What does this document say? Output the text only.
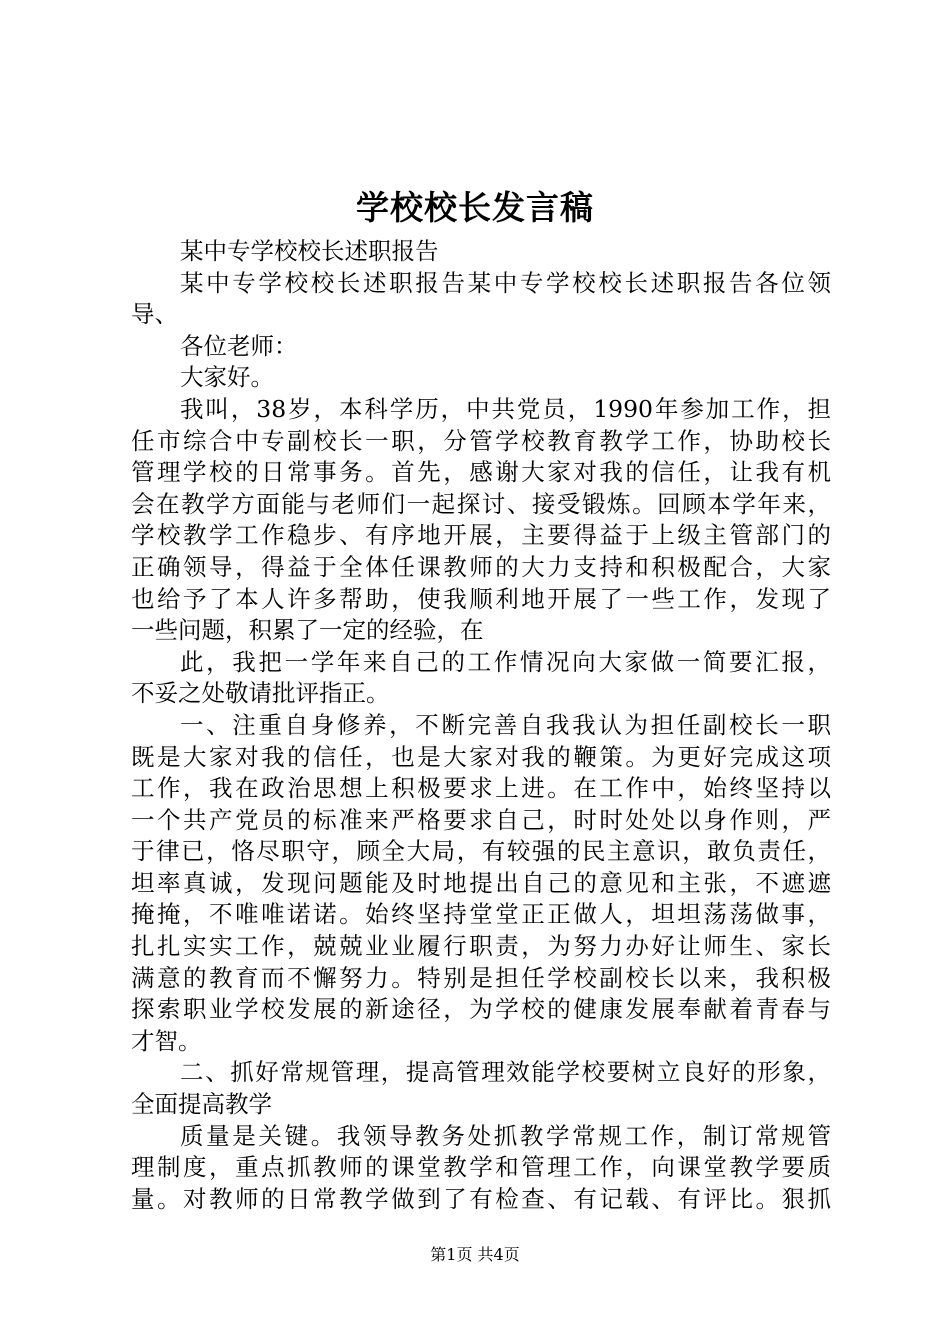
学校校长发言稿
某中专学校校长述职报告
某中专学校校长述职报告某中专学校校长述职报告各位领
导、
各位老师：
大家好。
我叫，38岁，本科学历，中共党员，1990年参加工作，担
任市综合中专副校长一职，分管学校教育教学工作，协助校长
管理学校的日常事务。首先，感谢大家对我的信任，让我有机
会在教学方面能与老师们一起探讨、接受锻炼。回顾本学年来，
学校教学工作稳步、有序地开展，主要得益于上级主管部门的
正确领导，得益于全体任课教师的大力支持和积极配合，大家
也给予了本人许多帮助，使我顺利地开展了一些工作，发现了
一些问题，积累了一定的经验，在
此，我把一学年来自己的工作情况向大家做一简要汇报，
不妥之处敬请批评指正。
一、注重自身修养，不断完善自我我认为担任副校长一职
既是大家对我的信任，也是大家对我的鞭策。为更好完成这项
工作，我在政治思想上积极要求上进。在工作中，始终坚持以
一个共产党员的标准来严格要求自己，时时处处以身作则，严
于律已，恪尽职守，顾全大局，有较强的民主意识，敢负责任，
坦率真诚，发现问题能及时地提出自己的意见和主张，不遮遮
掩掩，不唯唯诺诺。始终坚持堂堂正正做人，坦坦荡荡做事，
扎扎实实工作，兢兢业业履行职责，为努力办好让师生、家长
满意的教育而不懈努力。特别是担任学校副校长以来，我积极
探索职业学校发展的新途径，为学校的健康发展奉献着青春与
才智。
二、抓好常规管理，提高管理效能学校要树立良好的形象，
全面提高教学
质量是关键。我领导教务处抓教学常规工作，制订常规管
理制度，重点抓教师的课堂教学和管理工作，向课堂教学要质
量。对教师的日常教学做到了有检查、有记载、有评比。狠抓
第1页 共4页
